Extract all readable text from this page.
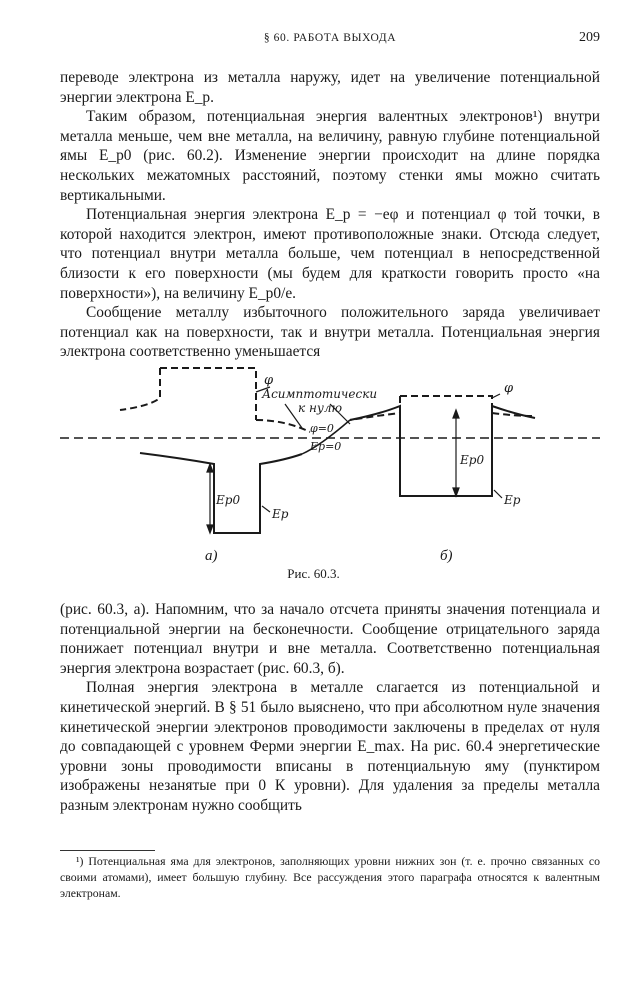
§ 60. РАБОТА ВЫХОДА	209

переводе электрона из металла наружу, идет на увеличение потенциальной энергии электрона E_p.

Таким образом, потенциальная энергия валентных электронов¹) внутри металла меньше, чем вне металла, на величину, равную глубине потенциальной ямы E_p0 (рис. 60.2). Изменение энергии происходит на длине порядка нескольких межатомных расстояний, поэтому стенки ямы можно считать вертикальными.

Потенциальная энергия электрона E_p = −eφ и потенциал φ той точки, в которой находится электрон, имеют противоположные знаки. Отсюда следует, что потенциал внутри металла больше, чем потенциал в непосредственной близости к его поверхности (мы будем для краткости говорить просто «на поверхности»), на величину E_p0/e.

Сообщение металлу избыточного положительного заряда увеличивает потенциал как на поверхности, так и внутри металла. Потенциальная энергия электрона соответственно уменьшается

φ
Асимптотически
к нулю
φ=0
Ep=0
Ep0
Ep
Ep0
Ep
φ
а)	б)
Рис. 60.3.

(рис. 60.3, а). Напомним, что за начало отсчета приняты значения потенциала и потенциальной энергии на бесконечности. Сообщение отрицательного заряда понижает потенциал внутри и вне металла. Соответственно потенциальная энергия электрона возрастает (рис. 60.3, б).

Полная энергия электрона в металле слагается из потенциальной и кинетической энергий. В § 51 было выяснено, что при абсолютном нуле значения кинетической энергии электронов проводимости заключены в пределах от нуля до совпадающей с уровнем Ферми энергии E_max. На рис. 60.4 энергетические уровни зоны проводимости вписаны в потенциальную яму (пунктиром изображены незанятые при 0 К уровни). Для удаления за пределы металла разным электронам нужно сообщить

¹) Потенциальная яма для электронов, заполняющих уровни нижних зон (т. е. прочно связанных со своими атомами), имеет большую глубину. Все рассуждения этого параграфа относятся к валентным электронам.
